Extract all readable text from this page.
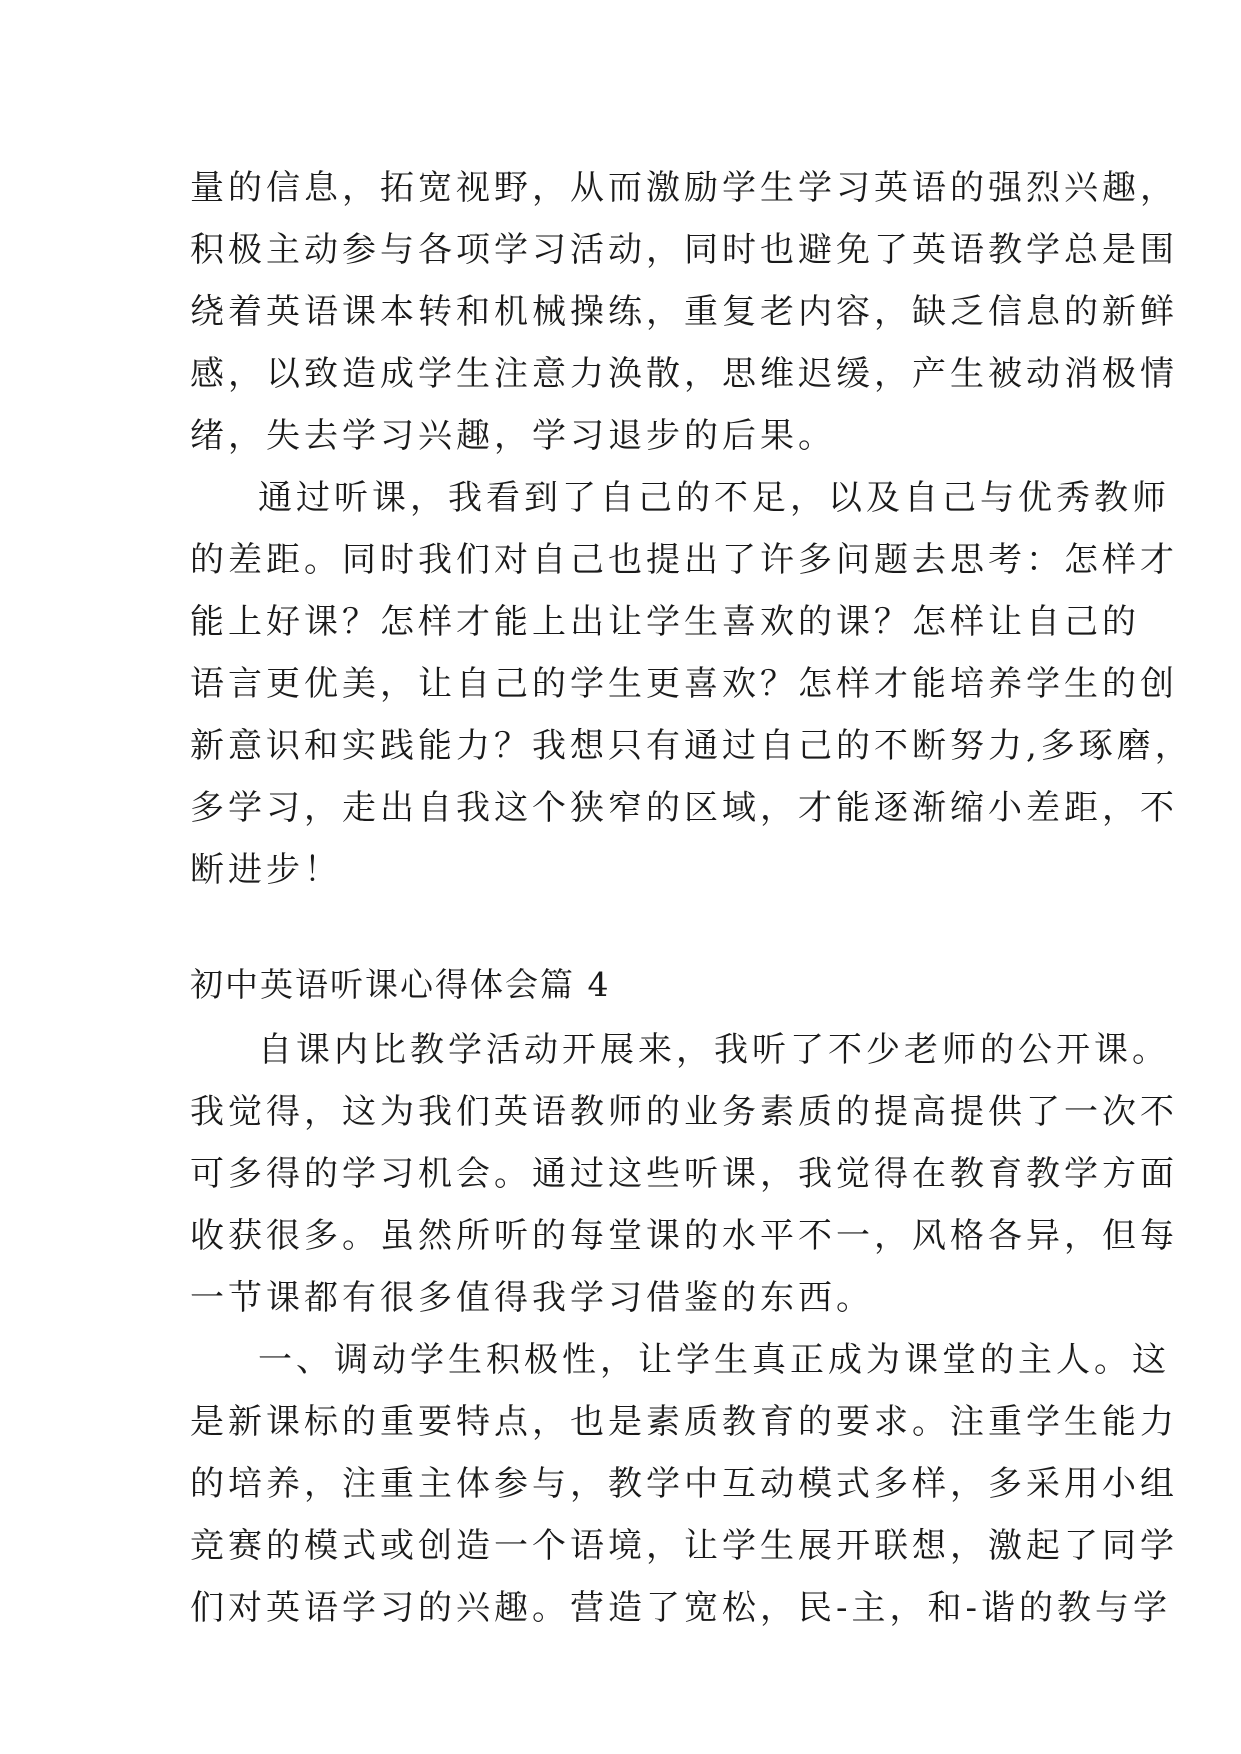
量的信息，拓宽视野，从而激励学生学习英语的强烈兴趣，
积极主动参与各项学习活动，同时也避免了英语教学总是围
绕着英语课本转和机械操练，重复老内容，缺乏信息的新鲜
感，以致造成学生注意力涣散，思维迟缓，产生被动消极情
绪，失去学习兴趣，学习退步的后果。
通过听课，我看到了自己的不足，以及自己与优秀教师
的差距。同时我们对自己也提出了许多问题去思考：怎样才
能上好课？怎样才能上出让学生喜欢的课？怎样让自己的
语言更优美，让自己的学生更喜欢？怎样才能培养学生的创
新意识和实践能力？我想只有通过自己的不断努力,多琢磨，
多学习，走出自我这个狭窄的区域，才能逐渐缩小差距，不
断进步！
初中英语听课心得体会篇 4
自课内比教学活动开展来，我听了不少老师的公开课。
我觉得，这为我们英语教师的业务素质的提高提供了一次不
可多得的学习机会。通过这些听课，我觉得在教育教学方面
收获很多。虽然所听的每堂课的水平不一，风格各异，但每
一节课都有很多值得我学习借鉴的东西。
一、调动学生积极性，让学生真正成为课堂的主人。这
是新课标的重要特点，也是素质教育的要求。注重学生能力
的培养，注重主体参与，教学中互动模式多样，多采用小组
竞赛的模式或创造一个语境，让学生展开联想，激起了同学
们对英语学习的兴趣。营造了宽松，民-主，和-谐的教与学
